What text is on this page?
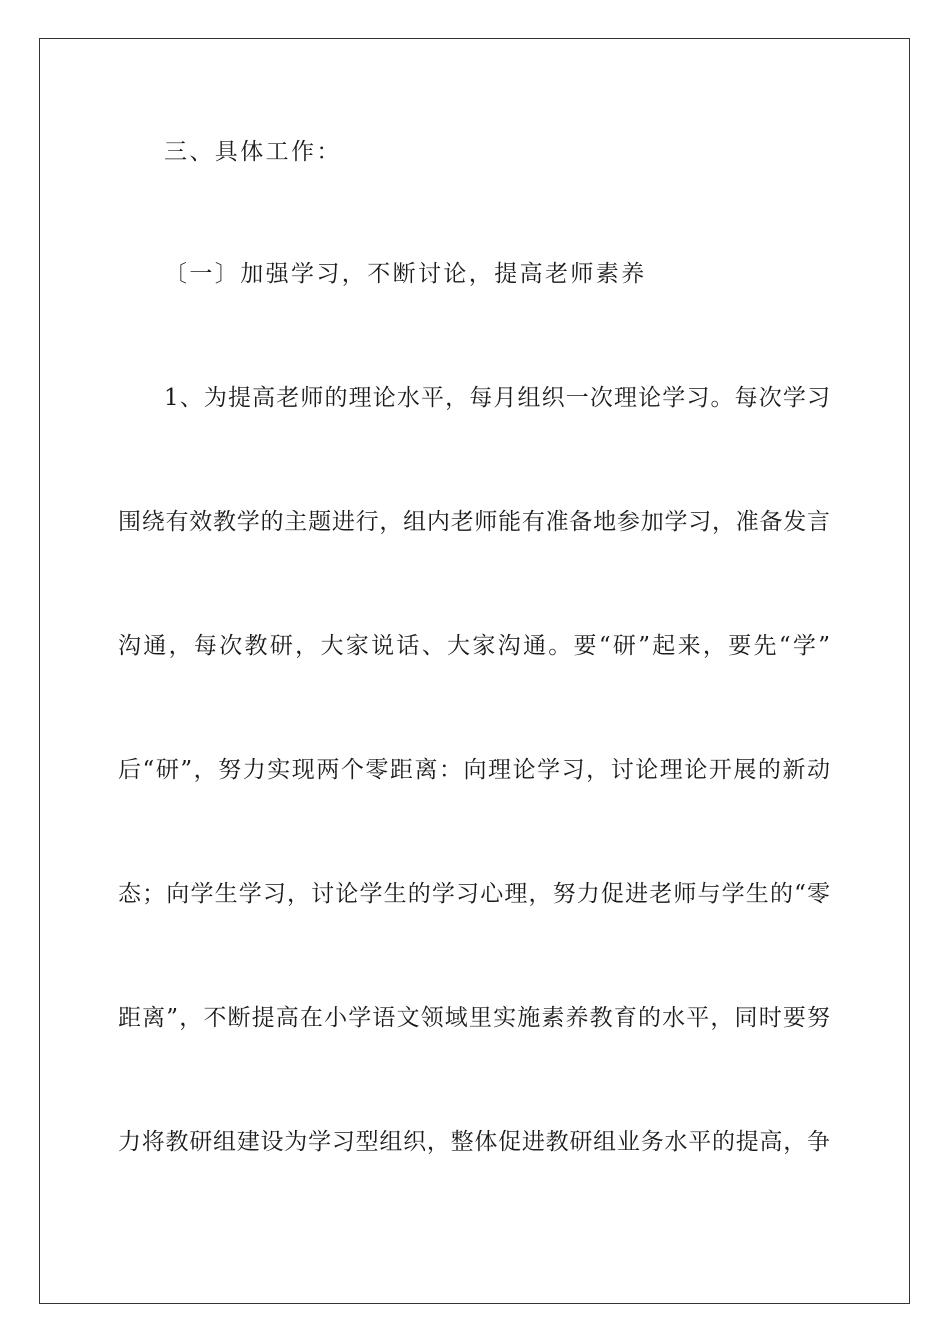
三、具体工作：
〔一〕加强学习，不断讨论，提高老师素养
1、为提高老师的理论水平，每月组织一次理论学习。每次学习
围绕有效教学的主题进行，组内老师能有准备地参加学习，准备发言
沟通，每次教研，大家说话、大家沟通。要“研”起来，要先“学”
后“研”，努力实现两个零距离：向理论学习，讨论理论开展的新动
态；向学生学习，讨论学生的学习心理，努力促进老师与学生的“零
距离”，不断提高在小学语文领域里实施素养教育的水平，同时要努
力将教研组建设为学习型组织，整体促进教研组业务水平的提高，争
